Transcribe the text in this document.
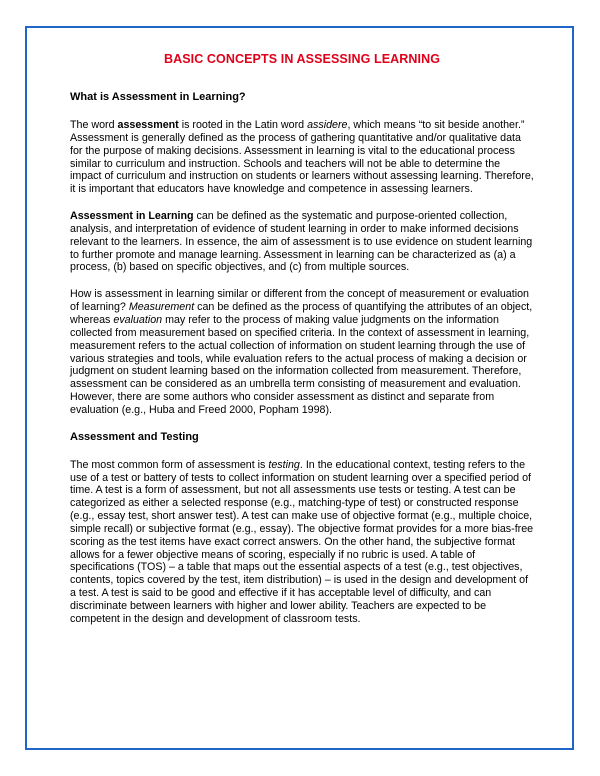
BASIC CONCEPTS IN ASSESSING LEARNING
What is Assessment in Learning?

The word assessment is rooted in the Latin word assidere, which means “to sit beside another.” Assessment is generally defined as the process of gathering quantitative and/or qualitative data for the purpose of making decisions. Assessment in learning is vital to the educational process similar to curriculum and instruction. Schools and teachers will not be able to determine the impact of curriculum and instruction on students or learners without assessing learning. Therefore, it is important that educators have knowledge and competence in assessing learners.

Assessment in Learning can be defined as the systematic and purpose-oriented collection, analysis, and interpretation of evidence of student learning in order to make informed decisions relevant to the learners. In essence, the aim of assessment is to use evidence on student learning to further promote and manage learning. Assessment in learning can be characterized as (a) a process, (b) based on specific objectives, and (c) from multiple sources.

How is assessment in learning similar or different from the concept of measurement or evaluation of learning? Measurement can be defined as the process of quantifying the attributes of an object, whereas evaluation may refer to the process of making value judgments on the information collected from measurement based on specified criteria. In the context of assessment in learning, measurement refers to the actual collection of information on student learning through the use of various strategies and tools, while evaluation refers to the actual process of making a decision or judgment on student learning based on the information collected from measurement. Therefore, assessment can be considered as an umbrella term consisting of measurement and evaluation. However, there are some authors who consider assessment as distinct and separate from evaluation (e.g., Huba and Freed 2000, Popham 1998).

Assessment and Testing

The most common form of assessment is testing. In the educational context, testing refers to the use of a test or battery of tests to collect information on student learning over a specified period of time. A test is a form of assessment, but not all assessments use tests or testing. A test can be categorized as either a selected response (e.g., matching-type of test) or constructed response (e.g., essay test, short answer test). A test can make use of objective format (e.g., multiple choice, simple recall) or subjective format (e.g., essay). The objective format provides for a more bias-free scoring as the test items have exact correct answers. On the other hand, the subjective format allows for a fewer objective means of scoring, especially if no rubric is used. A table of specifications (TOS) – a table that maps out the essential aspects of a test (e.g., test objectives, contents, topics covered by the test, item distribution) – is used in the design and development of a test. A test is said to be good and effective if it has acceptable level of difficulty, and can discriminate between learners with higher and lower ability. Teachers are expected to be competent in the design and development of classroom tests.
